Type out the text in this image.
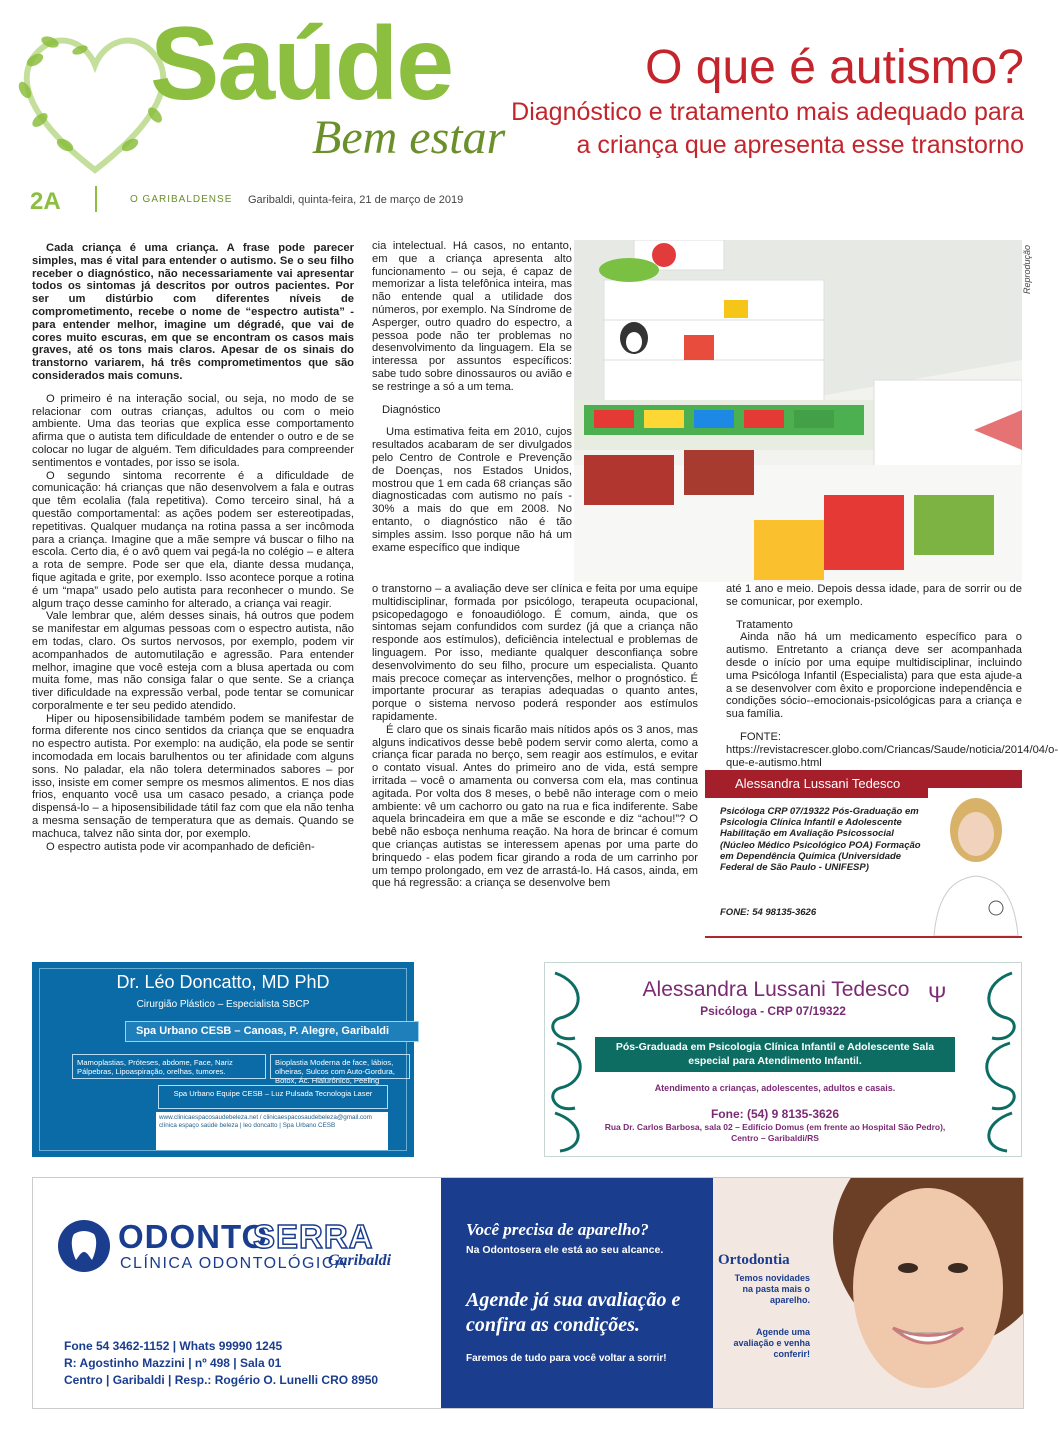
Saúde
Bem estar
O que é autismo?
Diagnóstico e tratamento mais adequado para a criança que apresenta esse transtorno
2A	O GARIBALDENSE Garibaldi, quinta-feira, 21 de março de 2019

Cada criança é uma criança. A frase pode parecer simples, mas é vital para entender o autismo. Se o seu filho receber o diagnóstico, não necessariamente vai apresentar todos os sintomas já descritos por outros pacientes. Por ser um distúrbio com diferentes níveis de comprometimento, recebe o nome de “espectro autista” - para entender melhor, imagine um dégradé, que vai de cores muito escuras, em que se encontram os casos mais graves, até os tons mais claros. Apesar de os sinais do transtorno variarem, há três comprometimentos que são considerados mais comuns.

O primeiro é na interação social, ou seja, no modo de se relacionar com outras crianças, adultos ou com o meio ambiente. Uma das teorias que explica esse comportamento afirma que o autista tem dificuldade de entender o outro e de se colocar no lugar de alguém. Tem dificuldades para compreender sentimentos e vontades, por isso se isola.

O segundo sintoma recorrente é a dificuldade de comunicação: há crianças que não desenvolvem a fala e outras que têm ecolalia (fala repetitiva). Como terceiro sinal, há a questão comportamental: as ações podem ser estereotipadas, repetitivas. Qualquer mudança na rotina passa a ser incômoda para a criança. Imagine que a mãe sempre vá buscar o filho na escola. Certo dia, é o avô quem vai pegá-la no colégio – e altera a rota de sempre. Pode ser que ela, diante dessa mudança, fique agitada e grite, por exemplo. Isso acontece porque a rotina é um “mapa” usado pelo autista para reconhecer o mundo. Se algum traço desse caminho for alterado, a criança vai reagir.

Vale lembrar que, além desses sinais, há outros que podem se manifestar em algumas pessoas com o espectro autista, não em todas, claro. Os surtos nervosos, por exemplo, podem vir acompanhados de automutilação e agressão. Para entender melhor, imagine que você esteja com a blusa apertada ou com muita fome, mas não consiga falar o que sente. Se a criança tiver dificuldade na expressão verbal, pode tentar se comunicar corporalmente e ter seu pedido atendido.

Hiper ou hiposensibilidade também podem se manifestar de forma diferente nos cinco sentidos da criança que se enquadra no espectro autista. Por exemplo: na audição, ela pode se sentir incomodada em locais barulhentos ou ter afinidade com alguns sons. No paladar, ela não tolera determinados sabores – por isso, insiste em comer sempre os mesmos alimentos. E nos dias frios, enquanto você usa um casaco pesado, a criança pode dispensá-lo – a hiposensibilidade tátil faz com que ela não tenha a mesma sensação de temperatura que as demais. Quando se machuca, talvez não sinta dor, por exemplo.

O espectro autista pode vir acompanhado de deficiên-

cia intelectual. Há casos, no entanto, em que a criança apresenta alto funcionamento – ou seja, é capaz de memorizar a lista telefônica inteira, mas não entende qual a utilidade dos números, por exemplo. Na Síndrome de Asperger, outro quadro do espectro, a pessoa pode não ter problemas no desenvolvimento da linguagem. Ela se interessa por assuntos específicos: sabe tudo sobre dinossauros ou avião e se restringe a só a um tema.

Diagnóstico

Uma estimativa feita em 2010, cujos resultados acabaram de ser divulgados pelo Centro de Controle e Prevenção de Doenças, nos Estados Unidos, mostrou que 1 em cada 68 crianças são diagnosticadas com autismo no país - 30% a mais do que em 2008. No entanto, o diagnóstico não é tão simples assim. Isso porque não há um exame específico que indique

Reprodução

o transtorno – a avaliação deve ser clínica e feita por uma equipe multidisciplinar, formada por psicólogo, terapeuta ocupacional, psicopedagogo e fonoaudiólogo. É comum, ainda, que os sintomas sejam confundidos com surdez (já que a criança não responde aos estímulos), deficiência intelectual e problemas de linguagem. Por isso, mediante qualquer desconfiança sobre desenvolvimento do seu filho, procure um especialista. Quanto mais precoce começar as intervenções, melhor o prognóstico. É importante procurar as terapias adequadas o quanto antes, porque o sistema nervoso poderá responder aos estímulos rapidamente.

É claro que os sinais ficarão mais nítidos após os 3 anos, mas alguns indicativos desse bebê podem servir como alerta, como a criança ficar parada no berço, sem reagir aos estímulos, e evitar o contato visual. Antes do primeiro ano de vida, está sempre irritada – você o amamenta ou conversa com ela, mas continua agitada. Por volta dos 8 meses, o bebê não interage com o meio ambiente: vê um cachorro ou gato na rua e fica indiferente. Sabe aquela brincadeira em que a mãe se esconde e diz “achou!”? O bebê não esboça nenhuma reação. Na hora de brincar é comum que crianças autistas se interessem apenas por uma parte do brinquedo - elas podem ficar girando a roda de um carrinho por um tempo prolongado, em vez de arrastá-lo. Há casos, ainda, em que há regressão: a criança se desenvolve bem

até 1 ano e meio. Depois dessa idade, para de sorrir ou de se comunicar, por exemplo.

Tratamento

Ainda não há um medicamento específico para o autismo. Entretanto a criança deve ser acompanhada desde o início por uma equipe multidisciplinar, incluindo uma Psicóloga Infantil (Especialista) para que esta ajude-a a se desenvolver com êxito e proporcione independência e condições sócio--emocionais-psicológicas para a criança e sua família.

FONTE: https://revistacrescer.globo.com/Criancas/Saude/noticia/2014/04/o-que-e-autismo.html

Alessandra Lussani Tedesco
Psicóloga CRP 07/19322 Pós-Graduação em Psicologia Clínica Infantil e Adolescente Habilitação em Avaliação Psicossocial (Núcleo Médico Psicológico POA) Formação em Dependência Química (Universidade Federal de São Paulo - UNIFESP)
FONE: 54 98135-3626
Dr. Léo Doncatto, MD PhD
Cirurgião Plástico – Especialista SBCP
Spa Urbano CESB – Canoas, P. Alegre, Garibaldi
Mamoplastias, Próteses, abdome, Face, Nariz Pálpebras, Lipoaspiração, orelhas, tumores.
Bioplastia Moderna de face, lábios, olheiras, Sulcos com Auto-Gordura, Botox, Ác. Hialurônico, Peeling
Spa Urbano Equipe CESB – Luz Pulsada Tecnologia Laser
www.clinicaespacosaudebeleza.net / clinicaespacosaudebeleza@gmail.com clínica espaço saúde beleza | leo doncatto | Spa Urbano CESB
Alessandra Lussani Tedesco Ψ
Psicóloga - CRP 07/19322
Pós-Graduada em Psicologia Clínica Infantil e Adolescente Sala especial para Atendimento Infantil.
Atendimento a crianças, adolescentes, adultos e casais.
Fone: (54) 9 8135-3626
Rua Dr. Carlos Barbosa, sala 02 – Edifício Domus (em frente ao Hospital São Pedro), Centro – Garibaldi/RS
ODONTO
SERRA
CLÍNICA ODONTOLÓGICA
Garibaldi
Fone 54 3462-1152 | Whats 99990 1245
R: Agostinho Mazzini | nº 498 | Sala 01
Centro | Garibaldi | Resp.: Rogério O. Lunelli CRO 8950
Você precisa de aparelho?
Na Odontosera ele está ao seu alcance.
Agende já sua avaliação e confira as condições.
Faremos de tudo para você voltar a sorrir!
Ortodontia
Temos novidades na pasta mais o aparelho.
Agende uma avaliação e venha conferir!
